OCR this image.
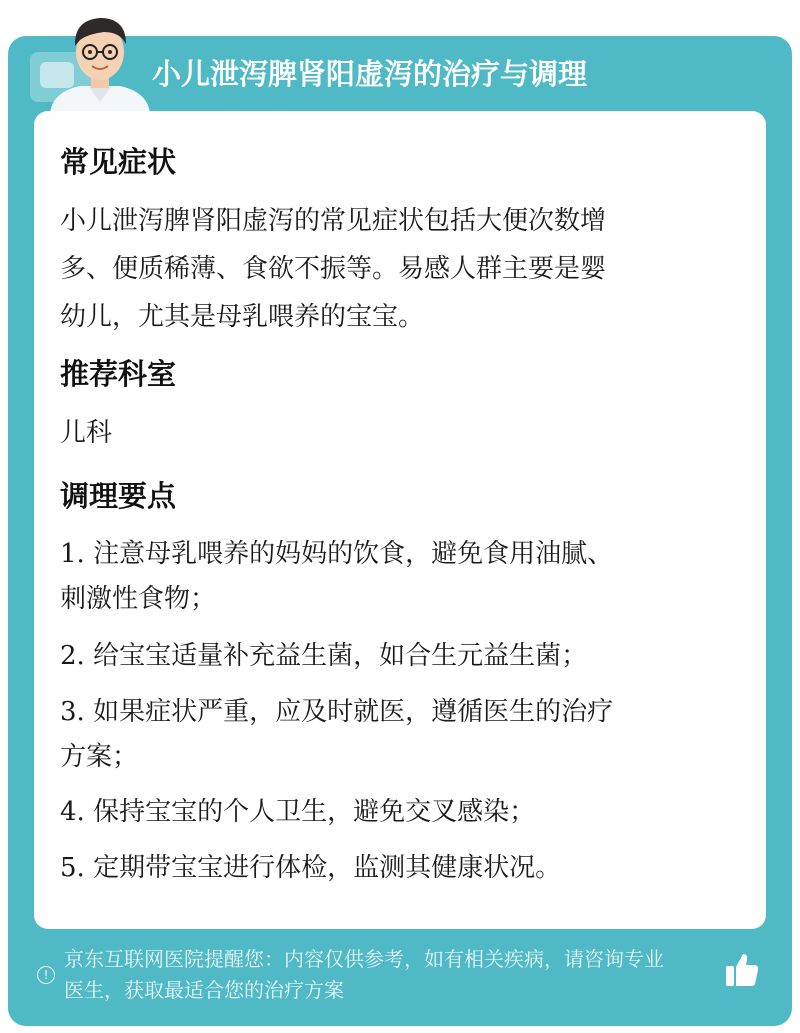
小儿泄泻脾肾阳虚泻的治疗与调理
常见症状
小儿泄泻脾肾阳虚泻的常见症状包括大便次数增
多、便质稀薄、食欲不振等。易感人群主要是婴
幼儿，尤其是母乳喂养的宝宝。
推荐科室
儿科
调理要点
1. 注意母乳喂养的妈妈的饮食，避免食用油腻、
刺激性食物；
2. 给宝宝适量补充益生菌，如合生元益生菌；
3. 如果症状严重，应及时就医，遵循医生的治疗
方案；
4. 保持宝宝的个人卫生，避免交叉感染；
5. 定期带宝宝进行体检，监测其健康状况。
!
京东互联网医院提醒您：内容仅供参考，如有相关疾病，请咨询专业
医生，获取最适合您的治疗方案
